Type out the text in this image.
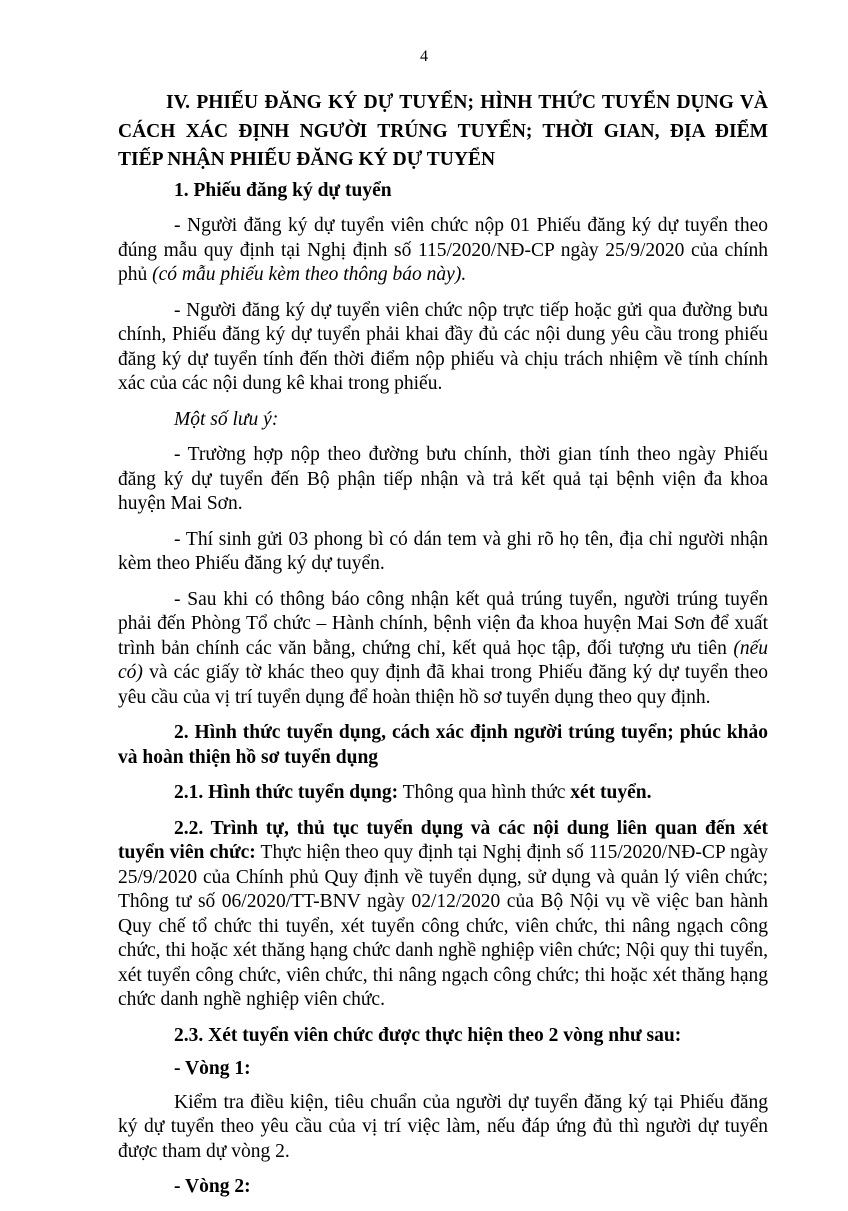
4
IV. PHIẾU ĐĂNG KÝ DỰ TUYỂN; HÌNH THỨC TUYỂN DỤNG VÀ CÁCH XÁC ĐỊNH NGƯỜI TRÚNG TUYỂN; THỜI GIAN, ĐỊA ĐIỂM TIẾP NHẬN PHIẾU ĐĂNG KÝ DỰ TUYỂN
1. Phiếu đăng ký dự tuyển
- Người đăng ký dự tuyển viên chức nộp 01 Phiếu đăng ký dự tuyển theo đúng mẫu quy định tại Nghị định số 115/2020/NĐ-CP ngày 25/9/2020 của chính phủ (có mẫu phiếu kèm theo thông báo này).
- Người đăng ký dự tuyển viên chức nộp trực tiếp hoặc gửi qua đường bưu chính, Phiếu đăng ký dự tuyển phải khai đầy đủ các nội dung yêu cầu trong phiếu đăng ký dự tuyển tính đến thời điểm nộp phiếu và chịu trách nhiệm về tính chính xác của các nội dung kê khai trong phiếu.
Một số lưu ý:
- Trường hợp nộp theo đường bưu chính, thời gian tính theo ngày Phiếu đăng ký dự tuyển đến Bộ phận tiếp nhận và trả kết quả tại bệnh viện đa khoa huyện Mai Sơn.
- Thí sinh gửi 03 phong bì có dán tem và ghi rõ họ tên, địa chỉ người nhận kèm theo Phiếu đăng ký dự tuyển.
- Sau khi có thông báo công nhận kết quả trúng tuyển, người trúng tuyển phải đến Phòng Tổ chức – Hành chính, bệnh viện đa khoa huyện Mai Sơn để xuất trình bản chính các văn bằng, chứng chỉ, kết quả học tập, đối tượng ưu tiên (nếu có) và các giấy tờ khác theo quy định đã khai trong Phiếu đăng ký dự tuyển theo yêu cầu của vị trí tuyển dụng để hoàn thiện hồ sơ tuyển dụng theo quy định.
2. Hình thức tuyển dụng, cách xác định người trúng tuyển; phúc khảo và hoàn thiện hồ sơ tuyển dụng
2.1. Hình thức tuyển dụng: Thông qua hình thức xét tuyển.
2.2. Trình tự, thủ tục tuyển dụng và các nội dung liên quan đến xét tuyển viên chức: Thực hiện theo quy định tại Nghị định số 115/2020/NĐ-CP ngày 25/9/2020 của Chính phủ Quy định về tuyển dụng, sử dụng và quản lý viên chức; Thông tư số 06/2020/TT-BNV ngày 02/12/2020 của Bộ Nội vụ về việc ban hành Quy chế tổ chức thi tuyển, xét tuyển công chức, viên chức, thi nâng ngạch công chức, thi hoặc xét thăng hạng chức danh nghề nghiệp viên chức; Nội quy thi tuyển, xét tuyển công chức, viên chức, thi nâng ngạch công chức; thi hoặc xét thăng hạng chức danh nghề nghiệp viên chức.
2.3. Xét tuyển viên chức được thực hiện theo 2 vòng như sau:
- Vòng 1:
Kiểm tra điều kiện, tiêu chuẩn của người dự tuyển đăng ký tại Phiếu đăng ký dự tuyển theo yêu cầu của vị trí việc làm, nếu đáp ứng đủ thì người dự tuyển được tham dự vòng 2.
- Vòng 2:
